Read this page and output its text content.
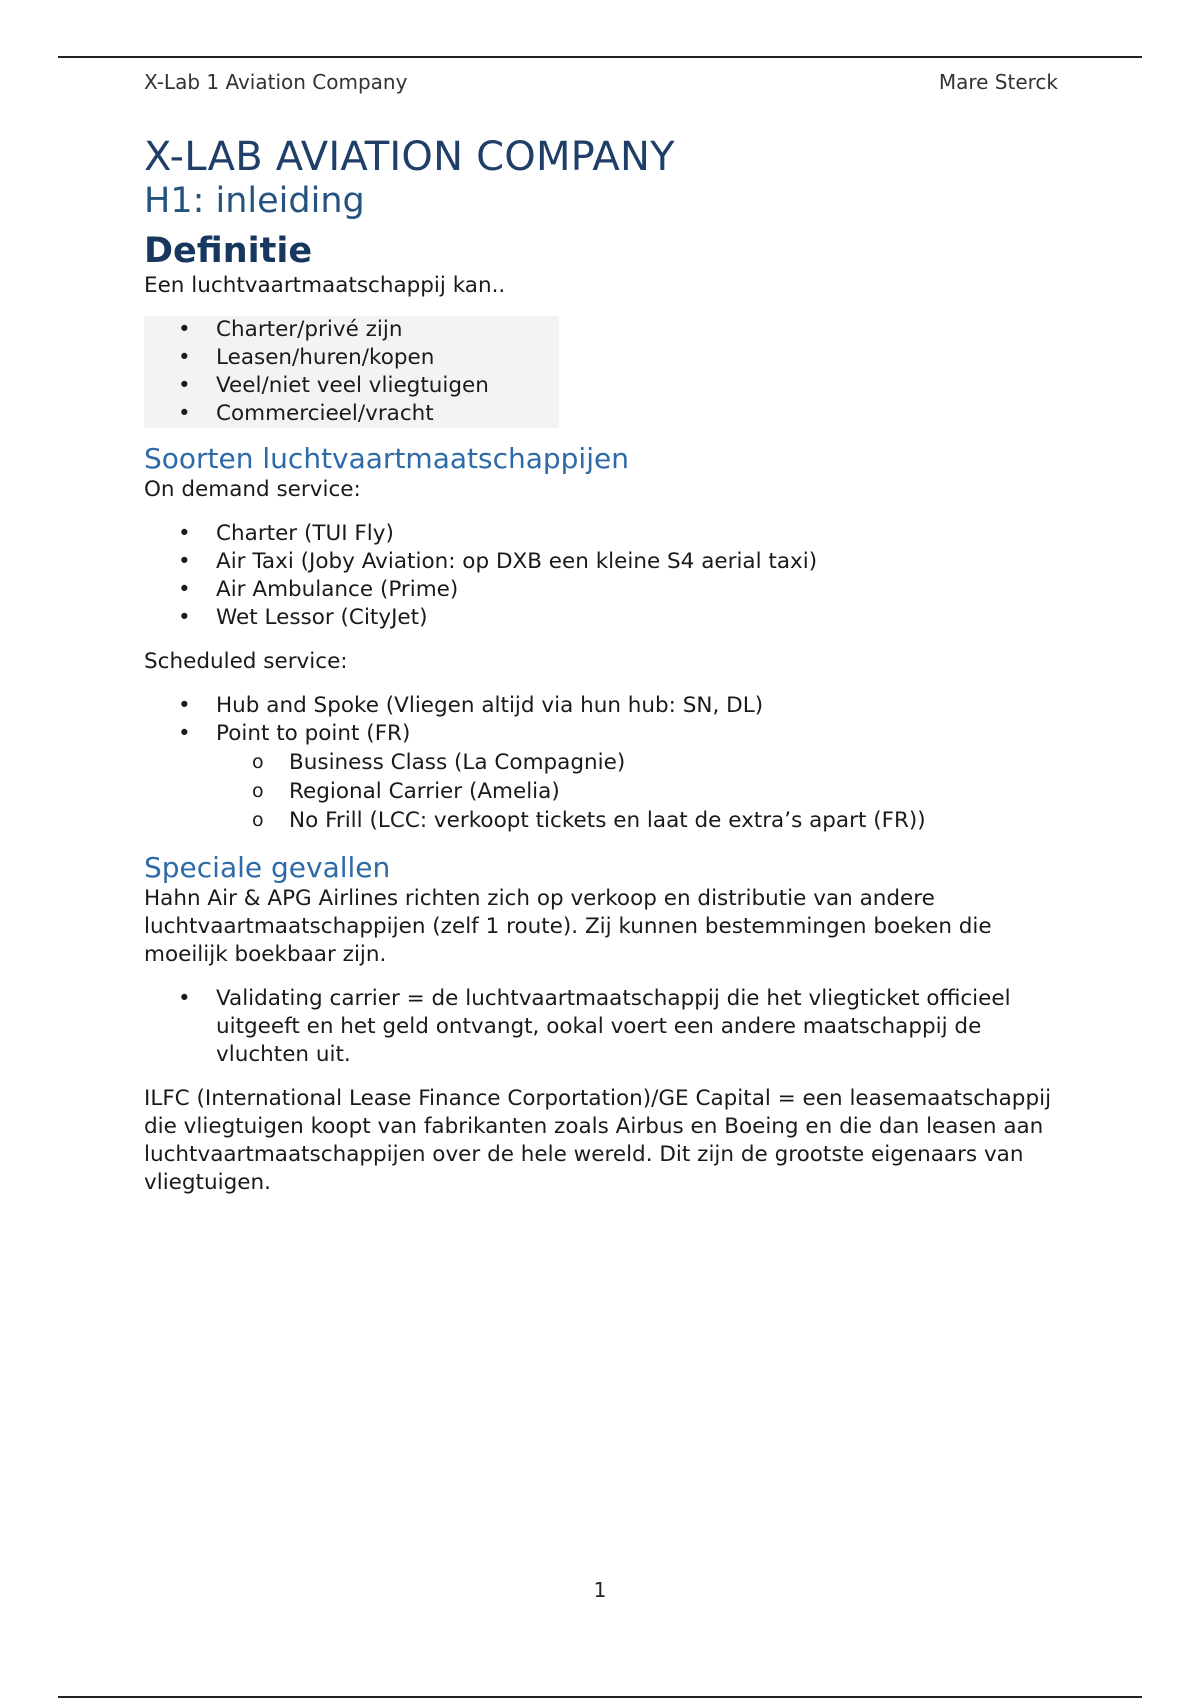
X-Lab 1 Aviation Company	Mare Sterck
X-LAB AVIATION COMPANY
H1: inleiding
Definitie

Een luchtvaartmaatschappij kan..

• Charter/privé zijn
• Leasen/huren/kopen
• Veel/niet veel vliegtuigen
• Commercieel/vracht
Soorten luchtvaartmaatschappijen

On demand service:

• Charter (TUI Fly)
• Air Taxi (Joby Aviation: op DXB een kleine S4 aerial taxi)
• Air Ambulance (Prime)
• Wet Lessor (CityJet)

Scheduled service:

• Hub and Spoke (Vliegen altijd via hun hub: SN, DL)
• Point to point (FR)
o Business Class (La Compagnie)
o Regional Carrier (Amelia)
o No Frill (LCC: verkoopt tickets en laat de extra’s apart (FR))
Speciale gevallen

Hahn Air & APG Airlines richten zich op verkoop en distributie van andere luchtvaartmaatschappijen (zelf 1 route). Zij kunnen bestemmingen boeken die moeilijk boekbaar zijn.

• Validating carrier = de luchtvaartmaatschappij die het vliegticket officieel uitgeeft en het geld ontvangt, ookal voert een andere maatschappij de vluchten uit.

ILFC (International Lease Finance Corportation)/GE Capital = een leasemaatschappij die vliegtuigen koopt van fabrikanten zoals Airbus en Boeing en die dan leasen aan luchtvaartmaatschappijen over de hele wereld. Dit zijn de grootste eigenaars van vliegtuigen.

1
